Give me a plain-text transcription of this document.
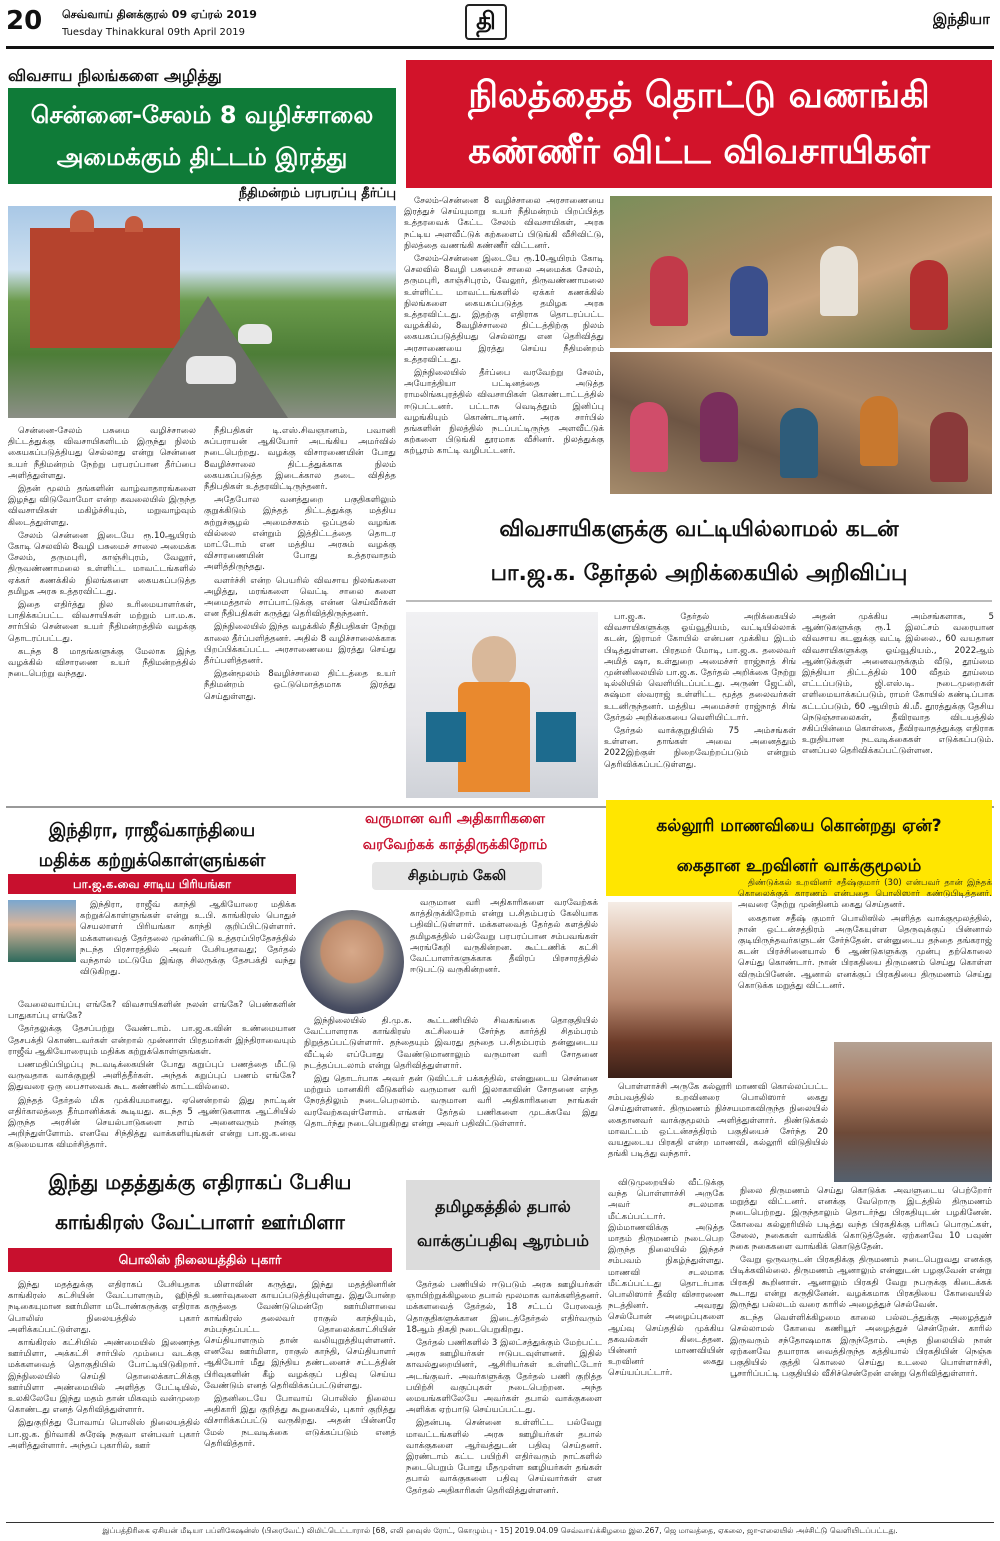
20 செவ்வாய் தினக்குரல் 09 ஏப்ரல் 2019
Tuesday Thinakkural 09th April 2019	தி	இந்தியா
விவசாய நிலங்களை அழித்து
சென்னை-சேலம் 8 வழிச்சாலை
அமைக்கும் திட்டம் இரத்து
நீதிமன்றம் பரபரப்பு தீர்ப்பு

சென்னை-சேலம் பசுமை வழிச்சாலை திட்டத்துக்கு விவசாயிகளிடம் இருந்து நிலம் கையகப்படுத்தியது செல்லாது என்று சென்னை உயர் நீதிமன்றம் நேற்று பரபரப்பான தீர்ப்பை அளித்துள்ளது.

இதன் மூலம் தங்களின் வாழ்வாதாரங்களை இழந்து விடுவோமோ என்ற கவலையில் இருந்த விவசாயிகள் மகிழ்ச்சியும், மறுவாழ்வும் கிடைத்துள்ளது.

சேலம் சென்னை இடையே ரூ.10ஆயிரம் கோடி செலவில் 8வழி பசுமைச் சாலை அமைக்க சேலம், தருமபுரி, காஞ்சிபுரம், வேலூர், திருவண்ணாமலை உள்ளிட்ட மாவட்டங்களில் ஏக்கர் கணக்கில் நிலங்களை கையகப்படுத்த தமிழக அரசு உத்தரவிட்டது.

இதை எதிர்த்து நில உரிமையாளர்கள், பாதிக்கப்பட்ட விவசாயிகள் மற்றும் பா.ம.க. சார்பில் சென்னை உயர் நீதிமன்றத்தில் வழக்கு தொடரப்பட்டது.

கடந்த 8 மாதங்களுக்கு மேலாக இந்த வழக்கில் விசாரணை உயர் நீதிமன்றத்தில் நடைபெற்று வந்தது.

நீதிபதிகள் டி.எஸ்.சிவஞானம், பவானி சுப்பராயன் ஆகியோர் அடங்கிய அமர்வில் நடைபெற்றது. வழக்கு விசாரணையின் போது 8வழிச்சாலை திட்டத்துக்காக நிலம் கையகப்படுத்த இடைக்கால தடை விதித்த நீதிபதிகள் உத்தரவிட்டிருந்தனர்.

அதேபோல வனத்துறை பகுதிகளிலும் குறுக்கிடும் இந்தத் திட்டத்துக்கு மத்திய சுற்றுச்சூழல் அமைச்சகம் ஒப்புதல் வழங்க வில்லை என்றும் இத்திட்டத்தை தொடர மாட்டோம் என மத்திய அரசும் வழக்கு விசாரணையின் போது உத்தரவாதம் அளித்திருந்தது.

வளர்ச்சி என்ற பெயரில் விவசாய நிலங்களை அழித்து, மரங்களை வெட்டி சாலை களை அமைத்தால் சாப்பாட்டுக்கு என்ன செய்வீர்கள் என நீதிபதிகள் கருத்து தெரிவித்திருந்தனர்.

இந்நிலையில் இந்த வழக்கில் நீதிபதிகள் நேற்று காலை தீர்ப்பளித்தனர். அதில் 8 வழிச்சாலைக்காக பிறப்பிக்கப்பட்ட அரசாணையை இரத்து செய்து தீர்ப்பளித்தனர்.

இதன்மூலம் 8வழிச்சாலை திட்டத்தை உயர் நீதிமன்றம் ஒட்டுமொத்தமாக இரத்து செய்துள்ளது.

நிலத்தைத் தொட்டு வணங்கி
கண்ணீர் விட்ட விவசாயிகள்

சேலம்-சென்னை 8 வழிச்சாலை அரசாணையை இரத்துச் செய்யுமாறு உயர் நீதிமன்றம் பிறப்பித்த உத்தரவைக் கேட்ட சேலம் விவசாயிகள், அரசு நட்டிய அளவீட்டுக் கற்களைப் பிடுங்கி வீசிவிட்டு, நிலத்தை வணங்கி கண்ணீர் விட்டனர்.

சேலம்-சென்னை இடையே ரூ.10ஆயிரம் கோடி செலவில் 8வழி பசுமைச் சாலை அமைக்க சேலம், தருமபுரி, காஞ்சிபுரம், வேலூர், திருவண்ணாமலை உள்ளிட்ட மாவட்டங்களில் ஏக்கர் கணக்கில் நிலங்களை கையகப்படுத்த தமிழக அரசு உத்தரவிட்டது. இதற்கு எதிராக தொடரப்பட்ட வழக்கில், 8வழிச்சாலை திட்டத்திற்கு நிலம் கையகப்படுத்தியது செல்லாது என தெரிவித்து அரசாணையை இரத்து செய்ய நீதிமன்றம் உத்தரவிட்டது.

இந்நிலையில் தீர்ப்பை வரவேற்று சேலம், அயோத்தியா பட்டினத்தை அடுத்த ராமலிங்கபுரத்தில் விவசாயிகள் கொண்டாட்டத்தில் ஈடுபட்டனர். பட்டாசு வெடித்தும் இனிப்பு வழங்கியும் கொண்டாடினர். அரசு சார்பில் தங்களின் நிலத்தில் நடப்பட்டிருந்த அளவீட்டுக் கற்களை பிடுங்கி தூரமாக வீசினர். நிலத்துக்கு கற்பூரம் காட்டி வழிபட்டனர்.

விவசாயிகளுக்கு வட்டியில்லாமல் கடன்
பா.ஜ.க. தேர்தல் அறிக்கையில் அறிவிப்பு

பா.ஜ.க. தேர்தல் அறிக்கையில் விவசாயிகளுக்கு ஓய்வூதியம், வட்டியில்லாக் கடன், இராமர் கோயில் என்பன முக்கிய இடம் பிடித்துள்ளன. பிரதமர் மோடி, பா.ஜ.க. தலைவர் அமித் ஷா, உள்துறை அமைச்சர் ராஜ்நாத் சிங் முன்னிலையில் பா.ஜ.க. தேர்தல் அறிக்கை நேற்று டில்லியில் வெளியிடப்பட்டது. அருண் ஜேட்லி, சுஷ்மா ஸ்வராஜ் உள்ளிட்ட மூத்த தலைவர்கள் உடனிருந்தனர். மத்திய அமைச்சர் ராஜ்நாத் சிங் தேர்தல் அறிக்கையை வெளியிட்டார்.

தேர்தல் வாக்குறுதியில் 75 அம்சங்கள் உள்ளன. தாங்கள் அவை அனைத்தும் 2022இற்குள் நிறைவேற்றப்படும் என்றும் தெரிவிக்கப்பட்டுள்ளது.

அதன் முக்கிய அம்சங்களாக, 5 ஆண்டுகளுக்கு ரூ.1 இலட்சம் வரையான விவசாய கடனுக்கு வட்டி இல்லை., 60 வயதான விவசாயிகளுக்கு ஓய்வூதியம்., 2022ஆம் ஆண்டுக்குள் அனைவருக்கும் வீடு, தூய்மை இந்தியா திட்டத்தில் 100 வீதம் தூய்மை எட்டப்படும், ஜி.எஸ்.டி. நடைமுறைகள் எளிமையாக்கப்படும், ராமர் கோயில் கண்டிப்பாக கட்டப்படும், 60 ஆயிரம் கி.மீ. தூரத்துக்கு தேசிய நெடுஞ்சாலைகள், தீவிரவாத விடயத்தில் சகிப்பின்மை கொள்கை, தீவிரவாதத்துக்கு எதிராக உறுதியான நடவடிக்கைகள் எடுக்கப்படும். எனப்பல தெரிவிக்கப்பட்டுள்ளன.

இந்திரா, ராஜீவ்காந்தியை
மதிக்க கற்றுக்கொள்ளுங்கள்
பா.ஜ.க.வை சாடிய பிரியங்கா

இந்திரா, ராஜீவ் காந்தி ஆகியோரை மதிக்க கற்றுக்கொள்ளுங்கள் என்று உ.பி. காங்கிரஸ் பொதுச் செயலாளர் பிரியங்கா காந்தி குறிப்பிட்டுள்ளார். மக்களவைத் தேர்தலை முன்னிட்டு உத்தரப்பிரதேசத்தில் நடந்த பிரசாரத்தில் அவர் பேசியதாவது; தேர்தல் வந்தால் மட்டுமே இங்கு சிலருக்கு தேசபக்தி வந்து விடுகிறது.

வேலைவாய்ப்பு எங்கே? விவசாயிகளின் நலன் எங்கே? பெண்களின் பாதுகாப்பு எங்கே?

தேர்தலுக்கு தேசப்பற்று வேண்டாம். பா.ஜ.க.வின் உண்மையான தேசபக்தி கொண்டவர்கள் என்றால் முன்னாள் பிரதமர்கள் இந்திராவையும் ராஜீவ் ஆகியோரையும் மதிக்க கற்றுக்கொள்ளுங்கள்.

பணமதிப்பிழப்பு நடவடிக்கையின் போது கறுப்புப் பணத்தை மீட்டு வருவதாக வாக்குறுதி அளித்தீர்கள். அந்தக் கறுப்புப் பணம் எங்கே? இதுவரை ஒரு பைசாவைக் கூட கண்ணில் காட்டவில்லை.

இந்தத் தேர்தல் மிக முக்கியமானது. ஏனென்றால் இது நாட்டின் எதிர்காலத்தை தீர்மானிக்கக் கூடியது. கடந்த 5 ஆண்டுகளாக ஆட்சியில் இருந்த அரசின் செயல்பாடுகளை நாம் அனைவரும் நன்கு அறிந்துள்ளோம். எனவே சிந்தித்து வாக்களியுங்கள் என்று பா.ஜ.க.வை கடுமையாக விமர்சித்தார்.

வருமான வரி அதிகாரிகளை
வரவேற்கக் காத்திருக்கிறோம்
சிதம்பரம் கேலி

வருமான வரி அதிகாரிகளை வரவேற்கக் காத்திருக்கிறோம் என்று ப.சிதம்பரம் கேலியாக பதிவிட்டுள்ளார். மக்களவைத் தேர்தல் களத்தில் தமிழகத்தில் பல்வேறு பரபரப்பான சம்பவங்கள் அரங்கேறி வருகின்றன. கூட்டணிக் கட்சி வேட்பாளர்களுக்காக தீவிரப் பிரசாரத்தில் ஈடுபட்டு வருகின்றனர்.

இந்நிலையில் தி.மு.க. கூட்டணியில் சிவகங்கை தொகுதியில் வேட்பாளராக காங்கிரஸ் கட்சியைச் சேர்ந்த கார்த்தி சிதம்பரம் நிறுத்தப்பட்டுள்ளார். தந்தையும் இவரது தந்தை ப.சிதம்பரம் தன்னுடைய வீட்டில் எப்போது வேண்டுமானாலும் வருமான வரி சோதனை நடத்தப்படலாம் என்று தெரிவித்துள்ளார்.

இது தொடர்பாக அவர் தன் டுவிட்டர் பக்கத்தில், என்னுடைய சென்னை மற்றும் மானகிரி வீடுகளில் வருமான வரி இலாகாவின் சோதனை எந்த நேரத்திலும் நடைபெறலாம். வருமான வரி அதிகாரிகளை நாங்கள் வரவேற்கவுள்ளோம். எங்கள் தேர்தல் பணிகளை முடக்கவே இது தொடர்ந்து நடைபெறுகிறது என்று அவர் பதிவிட்டுள்ளார்.

கல்லூரி மாணவியை கொன்றது ஏன்?
கைதான உறவினர் வாக்குமூலம்

திண்டுக்கல் உறவினர் சதீஷ்குமார் (30) என்பவர் தான் இந்தக் கொலைக்குக் காரணம் என்பதை பொலிஸார் கண்டுபிடித்தனர். அவரை நேற்று முன்தினம் கைது செய்தனர்.

கைதான சதீஷ் குமார் பொலிஸில் அளித்த வாக்குமூலத்தில், நான் ஒட்டன்சத்திரம் அருகேயுள்ள தெருவுக்குப் பின்னால் குடியிருந்தவர்களுடன் சேர்ந்தேன். என்னுடைய தந்தை தங்கராஜ் கடன் பிரச்சினையால் 6 ஆண்டுகளுக்கு முன்பு தற்கொலை செய்து கொண்டார். நான் பிரகதியை திருமணம் செய்து கொள்ள விரும்பினேன். ஆனால் எனக்குப் பிரகதியை திருமணம் செய்து கொடுக்க மறுத்து விட்டனர்.

பொள்ளாச்சி அருகே கல்லூரி மாணவி கொல்லப்பட்ட சம்பவத்தில் உறவினரை பொலிஸார் கைது செய்துள்ளனர். திருமணம் நிச்சயமாகவிருந்த நிலையில் கைதானவர் வாக்குமூலம் அளித்துள்ளார். திண்டுக்கல் மாவட்டம் ஒட்டன்சத்திரம் பகுதியைச் சேர்ந்த 20 வயதுடைய பிரகதி என்ற மாணவி, கல்லூரி விடுதியில் தங்கி படித்து வந்தார்.

விடுமுறையில் வீட்டுக்கு வந்த பொள்ளாச்சி அருகே அவர் சடலமாக மீட்கப்பட்டார். இம்மாணவிக்கு அடுத்த மாதம் திருமணம் நடைபெற இருந்த நிலையில் இந்தச் சம்பவம் நிகழ்ந்துள்ளது. மாணவி சடலமாக மீட்கப்பட்டது தொடர்பாக பொலிஸார் தீவிர விசாரணை நடத்தினர். அவரது செல்போன் அழைப்புகளை ஆய்வு செய்ததில் முக்கிய தகவல்கள் கிடைத்தன. பின்னர் மாணவியின் உறவினர் கைது செய்யப்பட்டார்.

நிலை திருமணம் செய்து கொடுக்க அவளுடைய பெற்றோர் மறுத்து விட்டனர். எனக்கு வேறொரு இடத்தில் திருமணம் நடைபெற்றது. இருந்தாலும் தொடர்ந்து பிரகதியுடன் பழகினேன். கோவை கல்லூரியில் படித்து வந்த பிரகதிக்கு பரிசுப் பொருட்கள், சேலை, நகைகள் வாங்கிக் கொடுத்தேன். ஏற்கனவே 10 பவுண் நகை நகைகளை வாங்கிக் கொடுத்தேன்.

வேறு ஒருவருடன் பிரகதிக்கு திருமணம் நடைபெறுவது எனக்கு பிடிக்கவில்லை. திருமணம் ஆனாலும் என்னுடன் பழகுவேன் என்று பிரகதி கூறினாள். ஆனாலும் பிரகதி வேறு நபருக்கு கிடைக்கக் கூடாது என்று கருதினேன். வழக்கமாக பிரகதியை கோவையில் இருந்து பல்லடம் வரை காரில் அழைத்துச் செல்வேன்.

கடந்த வெள்ளிக்கிழமை காலை பல்லடத்துக்கு அழைத்துச் செல்லாமல் கோவை கணியூர் அழைத்துச் சென்றேன். காரில் இருவரும் சந்தோஷமாக இருந்தோம். அந்த நிலையில் நான் ஏற்கனவே தயாராக வைத்திருந்த கத்தியால் பிரகதியின் நெஞ்சு பகுதியில் குத்தி கொலை செய்து உடலை பொள்ளாச்சி, பூசாரிப்பட்டி பகுதியில் வீசிச்சென்றேன் என்று தெரிவித்துள்ளார்.

இந்து மதத்துக்கு எதிராகப் பேசிய
காங்கிரஸ் வேட்பாளர் ஊர்மிளா
பொலிஸ் நிலையத்தில் புகார்

இந்து மதத்துக்கு எதிராகப் பேசியதாக காங்கிரஸ் கட்சியின் வேட்பாளரும், ஹிந்தி நடிகையுமான ஊர்மிளா மடோண்கருக்கு எதிராக பொலிஸ் நிலையத்தில் புகார் அளிக்கப்பட்டுள்ளது.

காங்கிரஸ் கட்சியில் அண்மையில் இணைந்த ஊர்மிளா, அக்கட்சி சார்பில் மும்பை வடக்கு மக்களவைத் தொகுதியில் போட்டியிடுகிறார். இந்நிலையில் செய்தி தொலைக்காட்சிக்கு ஊர்மிளா அண்மையில் அளித்த பேட்டியில், உலகிலேயே இந்து மதம் தான் மிகவும் வன்முறை கொண்டது எனத் தெரிவித்துள்ளார்.

இதுகுறித்து போவாய் பொலிஸ் நிலையத்தில் பா.ஜ.க. நிர்வாகி சுரேஷ் நகுவா என்பவர் புகார் அளித்துள்ளார். அந்தப் புகாரில், ஊர்

மிளாவின் கருத்து, இந்து மதத்தினரின் உணர்வுகளை காயப்படுத்தியுள்ளது. இதுபோன்ற கருத்தை வேண்டுமென்றே ஊர்மிளாவை காங்கிரஸ் தலைவர் ராகுல் காந்தியும், சம்பந்தப்பட்ட தொலைக்காட்சியின் செய்தியாளரும் தான் வலியுறுத்தியுள்ளனர். எனவே ஊர்மிளா, ராகுல் காந்தி, செய்தியாளர் ஆகியோர் மீது இந்திய தண்டனைச் சட்டத்தின் பிரிவுகளின் கீழ் வழக்குப் பதிவு செய்ய வேண்டும் எனத் தெரிவிக்கப்பட்டுள்ளது.

இதனிடையே போவாய் பொலிஸ் நிலைய அதிகாரி இது குறித்து கூறுகையில், புகார் குறித்து விசாரிக்கப்பட்டு வருகிறது. அதன் பின்னரே மேல் நடவடிக்கை எடுக்கப்படும் எனத் தெரிவித்தார்.

தமிழகத்தில் தபால்
வாக்குப்பதிவு ஆரம்பம்

தேர்தல் பணியில் ஈடுபடும் அரசு ஊழியர்கள் ஞாயிற்றுக்கிழமை தபால் மூலமாக வாக்களித்தனர். மக்களவைத் தேர்தல், 18 சட்டப் பேரவைத் தொகுதிகளுக்கான இடைத்தேர்தல் எதிர்வரும் 18ஆம் திகதி நடைபெறுகிறது.

தேர்தல் பணிகளில் 3 இலட்சத்துக்கும் மேற்பட்ட அரசு ஊழியர்கள் ஈடுபடவுள்ளனர். இதில் காவல்துறையினர், ஆசிரியர்கள் உள்ளிட்டோர் அடங்குவர். அவர்களுக்கு தேர்தல் பணி குறித்த பயிற்சி வகுப்புகள் நடைபெற்றன. அந்த மையங்களிலேயே அவர்கள் தபால் வாக்குகளை அளிக்க ஏற்பாடு செய்யப்பட்டது.

இதன்படி சென்னை உள்ளிட்ட பல்வேறு மாவட்டங்களில் அரசு ஊழியர்கள் தபால் வாக்குகளை ஆர்வத்துடன் பதிவு செய்தனர். இரண்டாம் கட்ட பயிற்சி எதிர்வரும் நாட்களில் நடைபெறும் போது மீதமுள்ள ஊழியர்கள் தங்கள் தபால் வாக்குகளை பதிவு செய்வார்கள் என தேர்தல் அதிகாரிகள் தெரிவித்துள்ளனர்.

இப்பத்திரிகை ஏசியன் மீடியா பப்ளிகேஷன்ஸ் (பிரைவேட்) லிமிட்டெட்டாரால் [68, எலி ஹவுஸ் ரோட், கொழும்பு - 15] 2019.04.09 செவ்வாய்க்கிழமை இல.267, ஜெ மாவத்தை, ஏகலை, ஜா-எலையில் அச்சிட்டு வெளியிடப்பட்டது.
